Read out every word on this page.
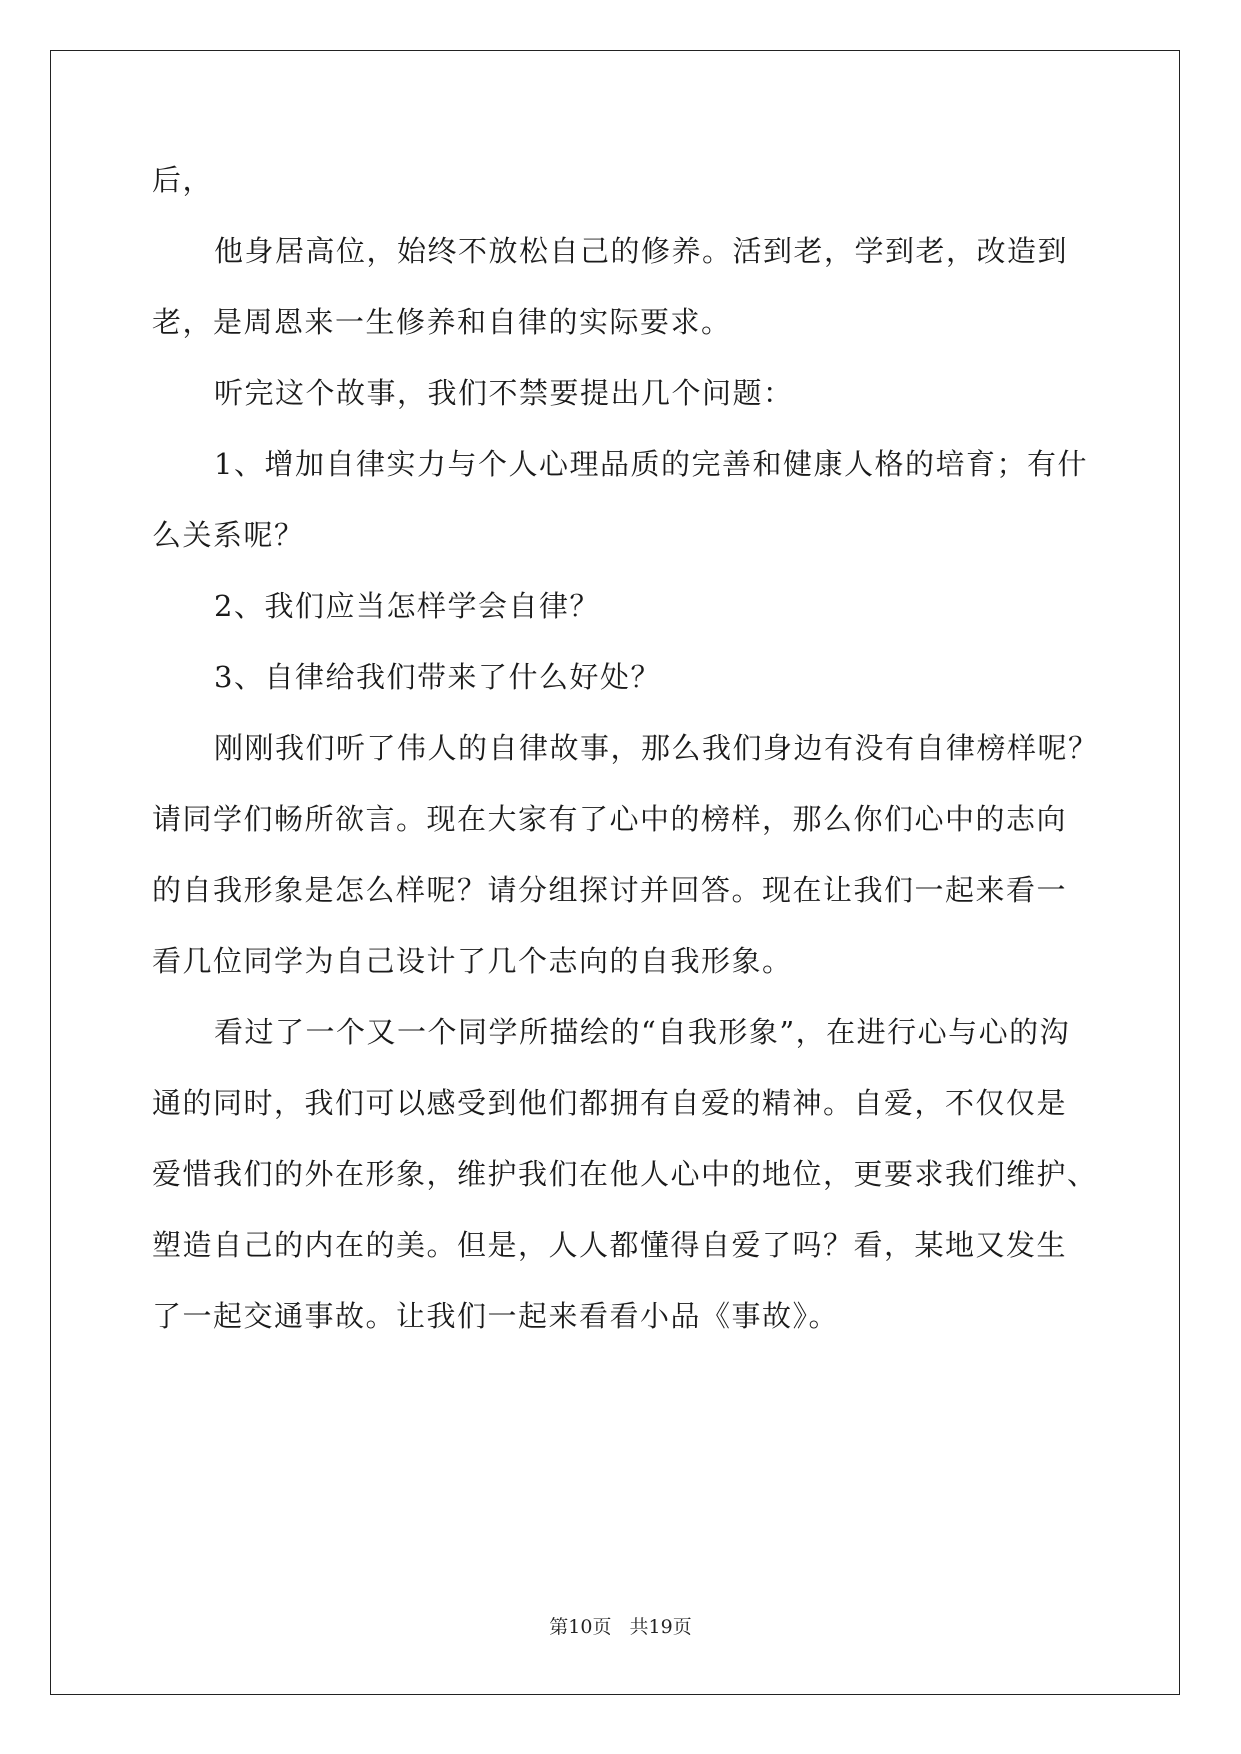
后，
他身居高位，始终不放松自己的修养。活到老，学到老，改造到
老，是周恩来一生修养和自律的实际要求。
听完这个故事，我们不禁要提出几个问题：
1、增加自律实力与个人心理品质的完善和健康人格的培育；有什
么关系呢？
2、我们应当怎样学会自律？
3、自律给我们带来了什么好处？
刚刚我们听了伟人的自律故事，那么我们身边有没有自律榜样呢？
请同学们畅所欲言。现在大家有了心中的榜样，那么你们心中的志向
的自我形象是怎么样呢？请分组探讨并回答。现在让我们一起来看一
看几位同学为自己设计了几个志向的自我形象。
看过了一个又一个同学所描绘的“自我形象”，在进行心与心的沟
通的同时，我们可以感受到他们都拥有自爱的精神。自爱，不仅仅是
爱惜我们的外在形象，维护我们在他人心中的地位，更要求我们维护、
塑造自己的内在的美。但是，人人都懂得自爱了吗？看，某地又发生
了一起交通事故。让我们一起来看看小品《事故》。
第10页 共19页
